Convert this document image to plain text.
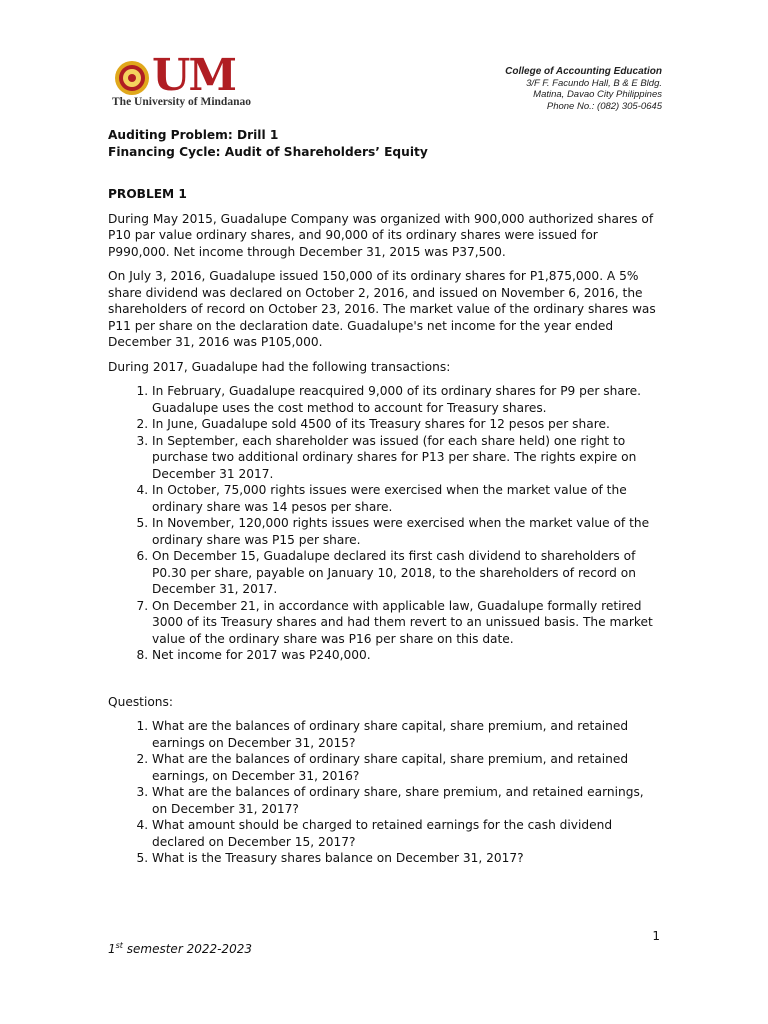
UM
The University of Mindanao
College of Accounting Education
3/F F. Facundo Hall, B & E Bldg.
Matina, Davao City Philippines
Phone No.: (082) 305-0645
Auditing Problem: Drill 1
Financing Cycle: Audit of Shareholders’ Equity
PROBLEM 1

During May 2015, Guadalupe Company was organized with 900,000 authorized shares of P10 par value ordinary shares, and 90,000 of its ordinary shares were issued for P990,000. Net income through December 31, 2015 was P37,500.

On July 3, 2016, Guadalupe issued 150,000 of its ordinary shares for P1,875,000. A 5% share dividend was declared on October 2, 2016, and issued on November 6, 2016, the shareholders of record on October 23, 2016. The market value of the ordinary shares was P11 per share on the declaration date. Guadalupe's net income for the year ended December 31, 2016 was P105,000.

During 2017, Guadalupe had the following transactions:

1. In February, Guadalupe reacquired 9,000 of its ordinary shares for P9 per share. Guadalupe uses the cost method to account for Treasury shares.
2. In June, Guadalupe sold 4500 of its Treasury shares for 12 pesos per share.
3. In September, each shareholder was issued (for each share held) one right to purchase two additional ordinary shares for P13 per share. The rights expire on December 31 2017.
4. In October, 75,000 rights issues were exercised when the market value of the ordinary share was 14 pesos per share.
5. In November, 120,000 rights issues were exercised when the market value of the ordinary share was P15 per share.
6. On December 15, Guadalupe declared its first cash dividend to shareholders of P0.30 per share, payable on January 10, 2018, to the shareholders of record on December 31, 2017.
7. On December 21, in accordance with applicable law, Guadalupe formally retired 3000 of its Treasury shares and had them revert to an unissued basis. The market value of the ordinary share was P16 per share on this date.
8. Net income for 2017 was P240,000.
Questions:
1. What are the balances of ordinary share capital, share premium, and retained earnings on December 31, 2015?
2. What are the balances of ordinary share capital, share premium, and retained earnings, on December 31, 2016?
3. What are the balances of ordinary share, share premium, and retained earnings, on December 31, 2017?
4. What amount should be charged to retained earnings for the cash dividend declared on December 15, 2017?
5. What is the Treasury shares balance on December 31, 2017?
1
1st semester 2022-2023
